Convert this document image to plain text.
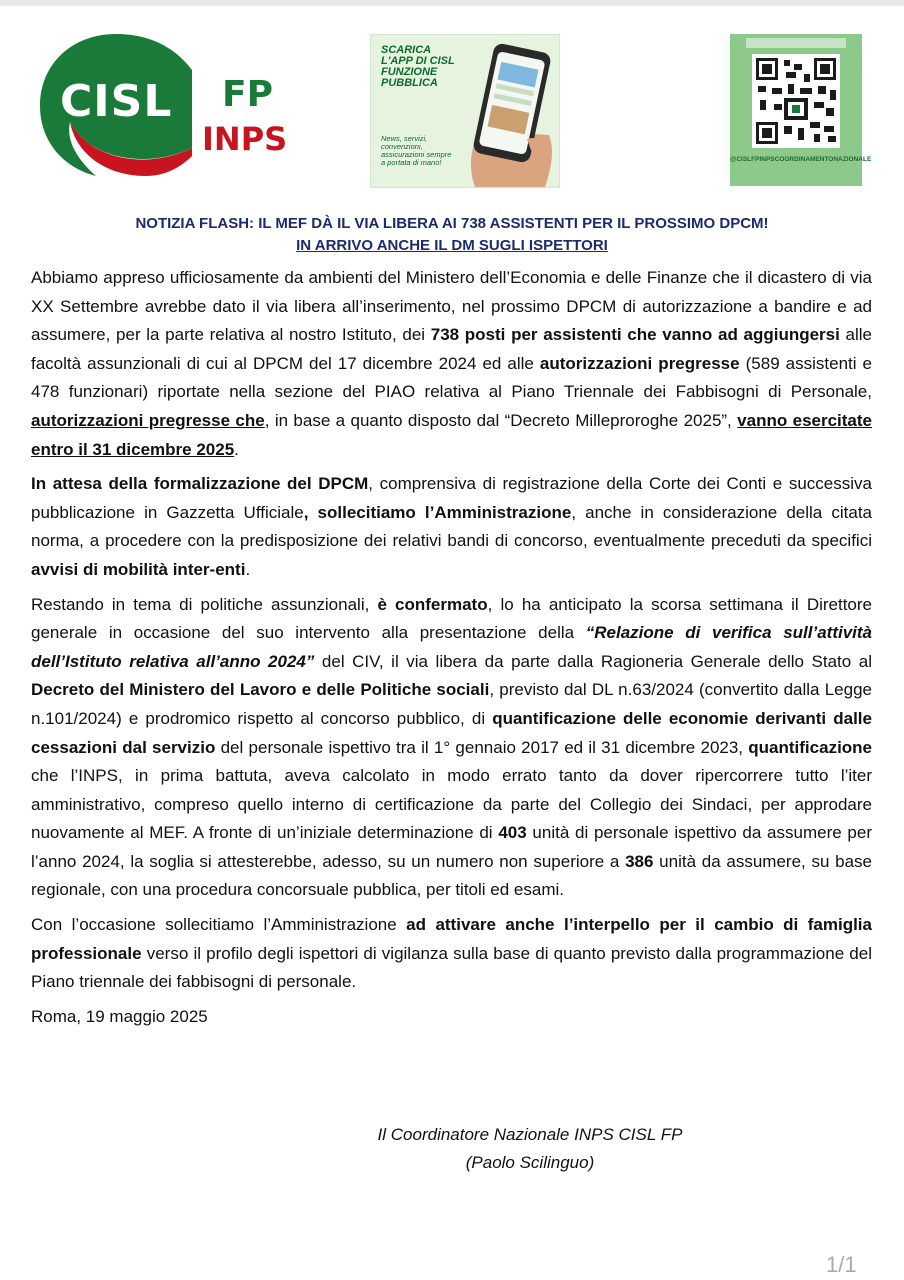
CISL FP
INPS
SCARICA L'APP DI CISL FUNZIONE PUBBLICA
News, servizi, convenzioni, assicurazioni sempre a portata di mano!	@CISLFPINPSCOORDINAMENTONAZIONALE
NOTIZIA FLASH: IL MEF DÀ IL VIA LIBERA AI 738 ASSISTENTI PER IL PROSSIMO DPCM!
IN ARRIVO ANCHE IL DM SUGLI ISPETTORI

Abbiamo appreso ufficiosamente da ambienti del Ministero dell’Economia e delle Finanze che il dicastero di via XX Settembre avrebbe dato il via libera all’inserimento, nel prossimo DPCM di autorizzazione a bandire e ad assumere, per la parte relativa al nostro Istituto, dei 738 posti per assistenti che vanno ad aggiungersi alle facoltà assunzionali di cui al DPCM del 17 dicembre 2024 ed alle autorizzazioni pregresse (589 assistenti e 478 funzionari) riportate nella sezione del PIAO relativa al Piano Triennale dei Fabbisogni di Personale, autorizzazioni pregresse che, in base a quanto disposto dal “Decreto Milleproroghe 2025”, vanno esercitate entro il 31 dicembre 2025.

In attesa della formalizzazione del DPCM, comprensiva di registrazione della Corte dei Conti e successiva pubblicazione in Gazzetta Ufficiale, sollecitiamo l’Amministrazione, anche in considerazione della citata norma, a procedere con la predisposizione dei relativi bandi di concorso, eventualmente preceduti da specifici avvisi di mobilità inter-enti.

Restando in tema di politiche assunzionali, è confermato, lo ha anticipato la scorsa settimana il Direttore generale in occasione del suo intervento alla presentazione della “Relazione di verifica sull’attività dell’Istituto relativa all’anno 2024” del CIV, il via libera da parte dalla Ragioneria Generale dello Stato al Decreto del Ministero del Lavoro e delle Politiche sociali, previsto dal DL n.63/2024 (convertito dalla Legge n.101/2024) e prodromico rispetto al concorso pubblico, di quantificazione delle economie derivanti dalle cessazioni dal servizio del personale ispettivo tra il 1° gennaio 2017 ed il 31 dicembre 2023, quantificazione che l’INPS, in prima battuta, aveva calcolato in modo errato tanto da dover ripercorrere tutto l’iter amministrativo, compreso quello interno di certificazione da parte del Collegio dei Sindaci, per approdare nuovamente al MEF. A fronte di un’iniziale determinazione di 403 unità di personale ispettivo da assumere per l’anno 2024, la soglia si attesterebbe, adesso, su un numero non superiore a 386 unità da assumere, su base regionale, con una procedura concorsuale pubblica, per titoli ed esami.

Con l’occasione sollecitiamo l’Amministrazione ad attivare anche l’interpello per il cambio di famiglia professionale verso il profilo degli ispettori di vigilanza sulla base di quanto previsto dalla programmazione del Piano triennale dei fabbisogni di personale.

Roma, 19 maggio 2025

Il Coordinatore Nazionale INPS CISL FP
(Paolo Scilinguo)
1/1
